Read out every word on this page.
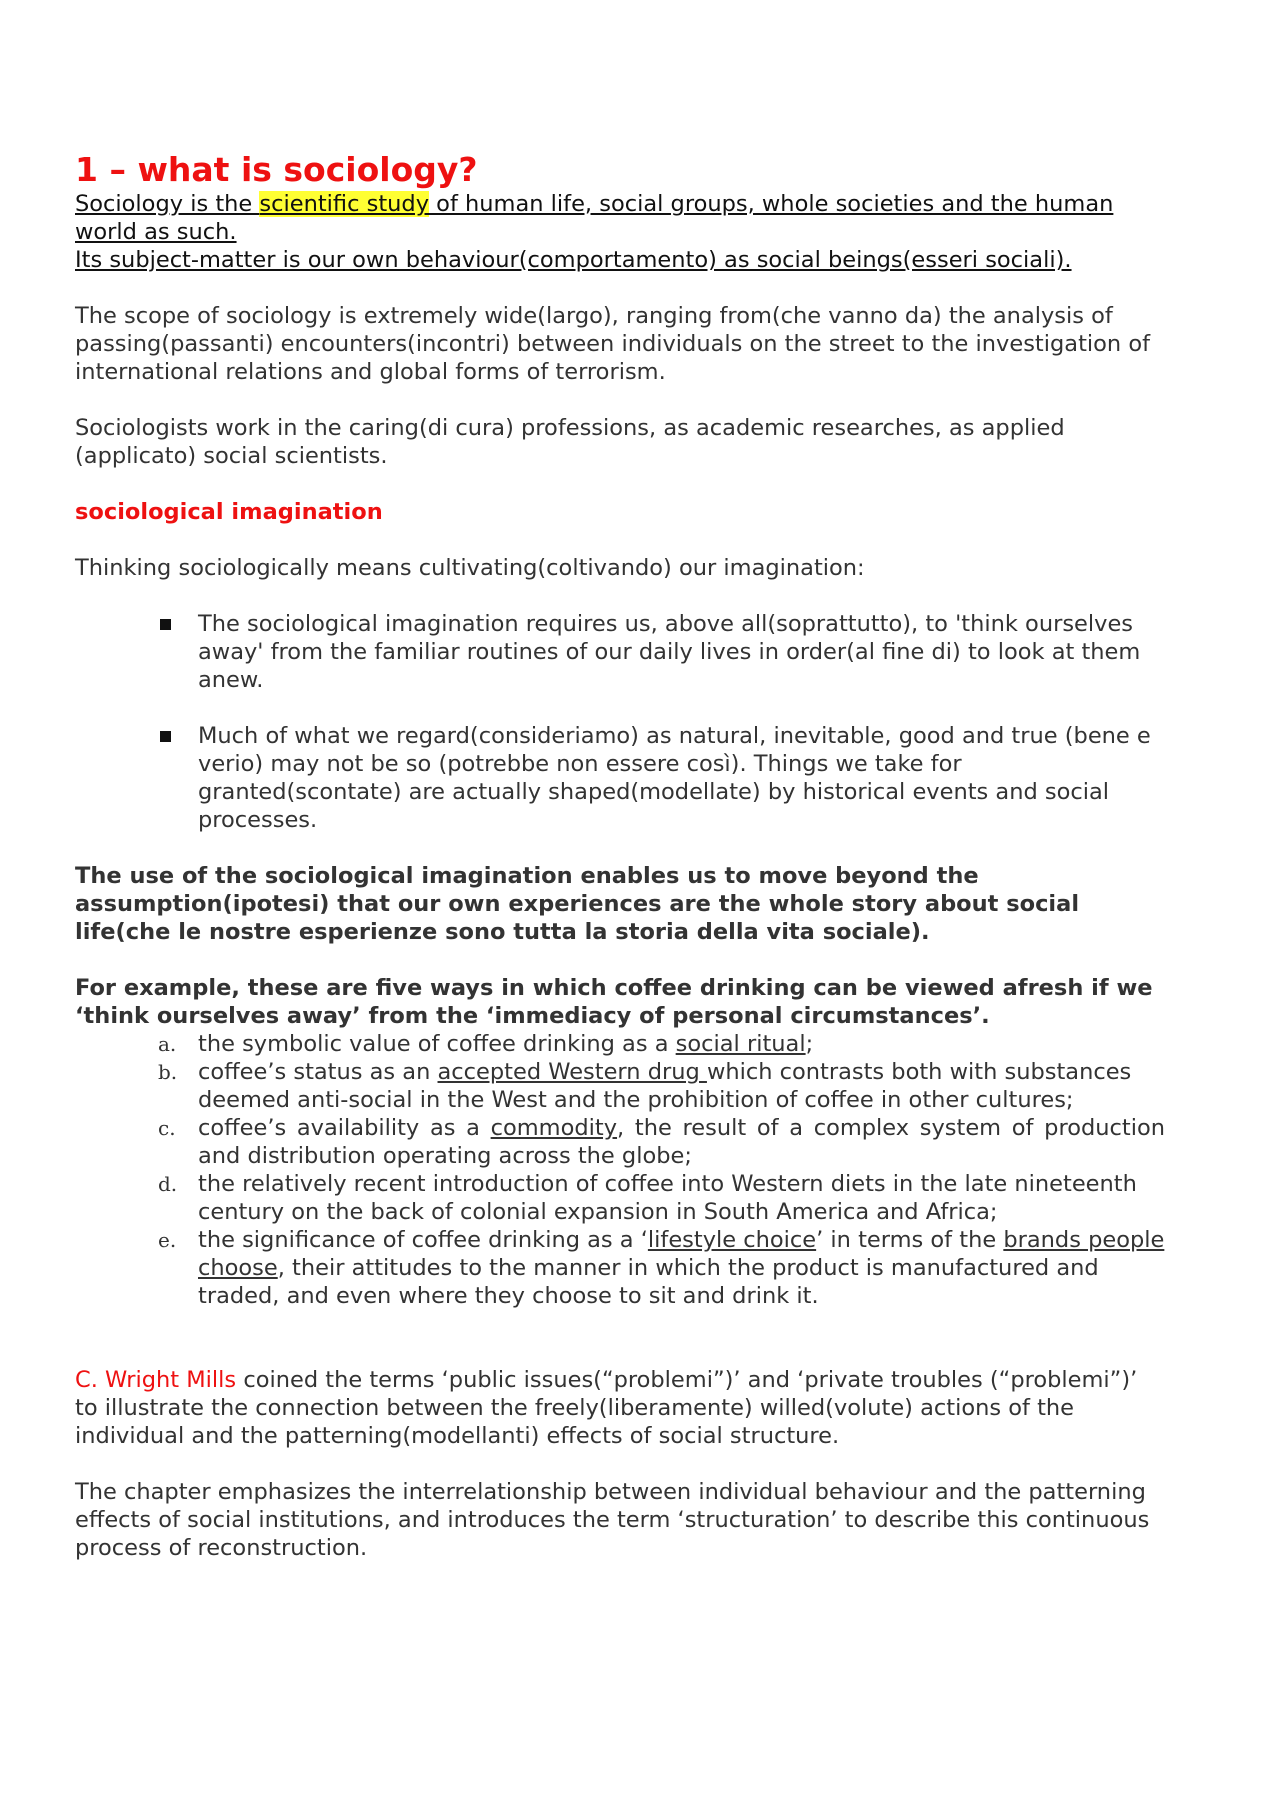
1 – what is sociology?

Sociology is the scientific study of human life, social groups, whole societies and the human world as such.

Its subject-matter is our own behaviour(comportamento) as social beings(esseri sociali).

The scope of sociology is extremely wide(largo), ranging from(che vanno da) the analysis of passing(passanti) encounters(incontri) between individuals on the street to the investigation of international relations and global forms of terrorism.

Sociologists work in the caring(di cura) professions, as academic researches, as applied (applicato) social scientists.

sociological imagination

Thinking sociologically means cultivating(coltivando) our imagination:

The sociological imagination requires us, above all(soprattutto), to 'think ourselves away' from the familiar routines of our daily lives in order(al fine di) to look at them anew.
Much of what we regard(consideriamo) as natural, inevitable, good and true (bene e verio) may not be so (potrebbe non essere così). Things we take for granted(scontate) are actually shaped(modellate) by historical events and social processes.

The use of the sociological imagination enables us to move beyond the assumption(ipotesi) that our own experiences are the whole story about social life(che le nostre esperienze sono tutta la storia della vita sociale).

For example, these are five ways in which coffee drinking can be viewed afresh if we ‘think ourselves away’ from the ‘immediacy of personal circumstances’.

a. the symbolic value of coffee drinking as a social ritual;
b. coffee’s status as an accepted Western drug which contrasts both with substances deemed anti-social in the West and the prohibition of coffee in other cultures;
c. coffee’s availability as a commodity, the result of a complex system of production and distribution operating across the globe;
d. the relatively recent introduction of coffee into Western diets in the late nineteenth century on the back of colonial expansion in South America and Africa;
e. the significance of coffee drinking as a ‘lifestyle choice’ in terms of the brands people choose, their attitudes to the manner in which the product is manufactured and traded, and even where they choose to sit and drink it.

C. Wright Mills coined the terms ‘public issues(“problemi”)’ and ‘private troubles (“problemi”)’ to illustrate the connection between the freely(liberamente) willed(volute) actions of the individual and the patterning(modellanti) effects of social structure.

The chapter emphasizes the interrelationship between individual behaviour and the patterning effects of social institutions, and introduces the term ‘structuration’ to describe this continuous process of reconstruction.
